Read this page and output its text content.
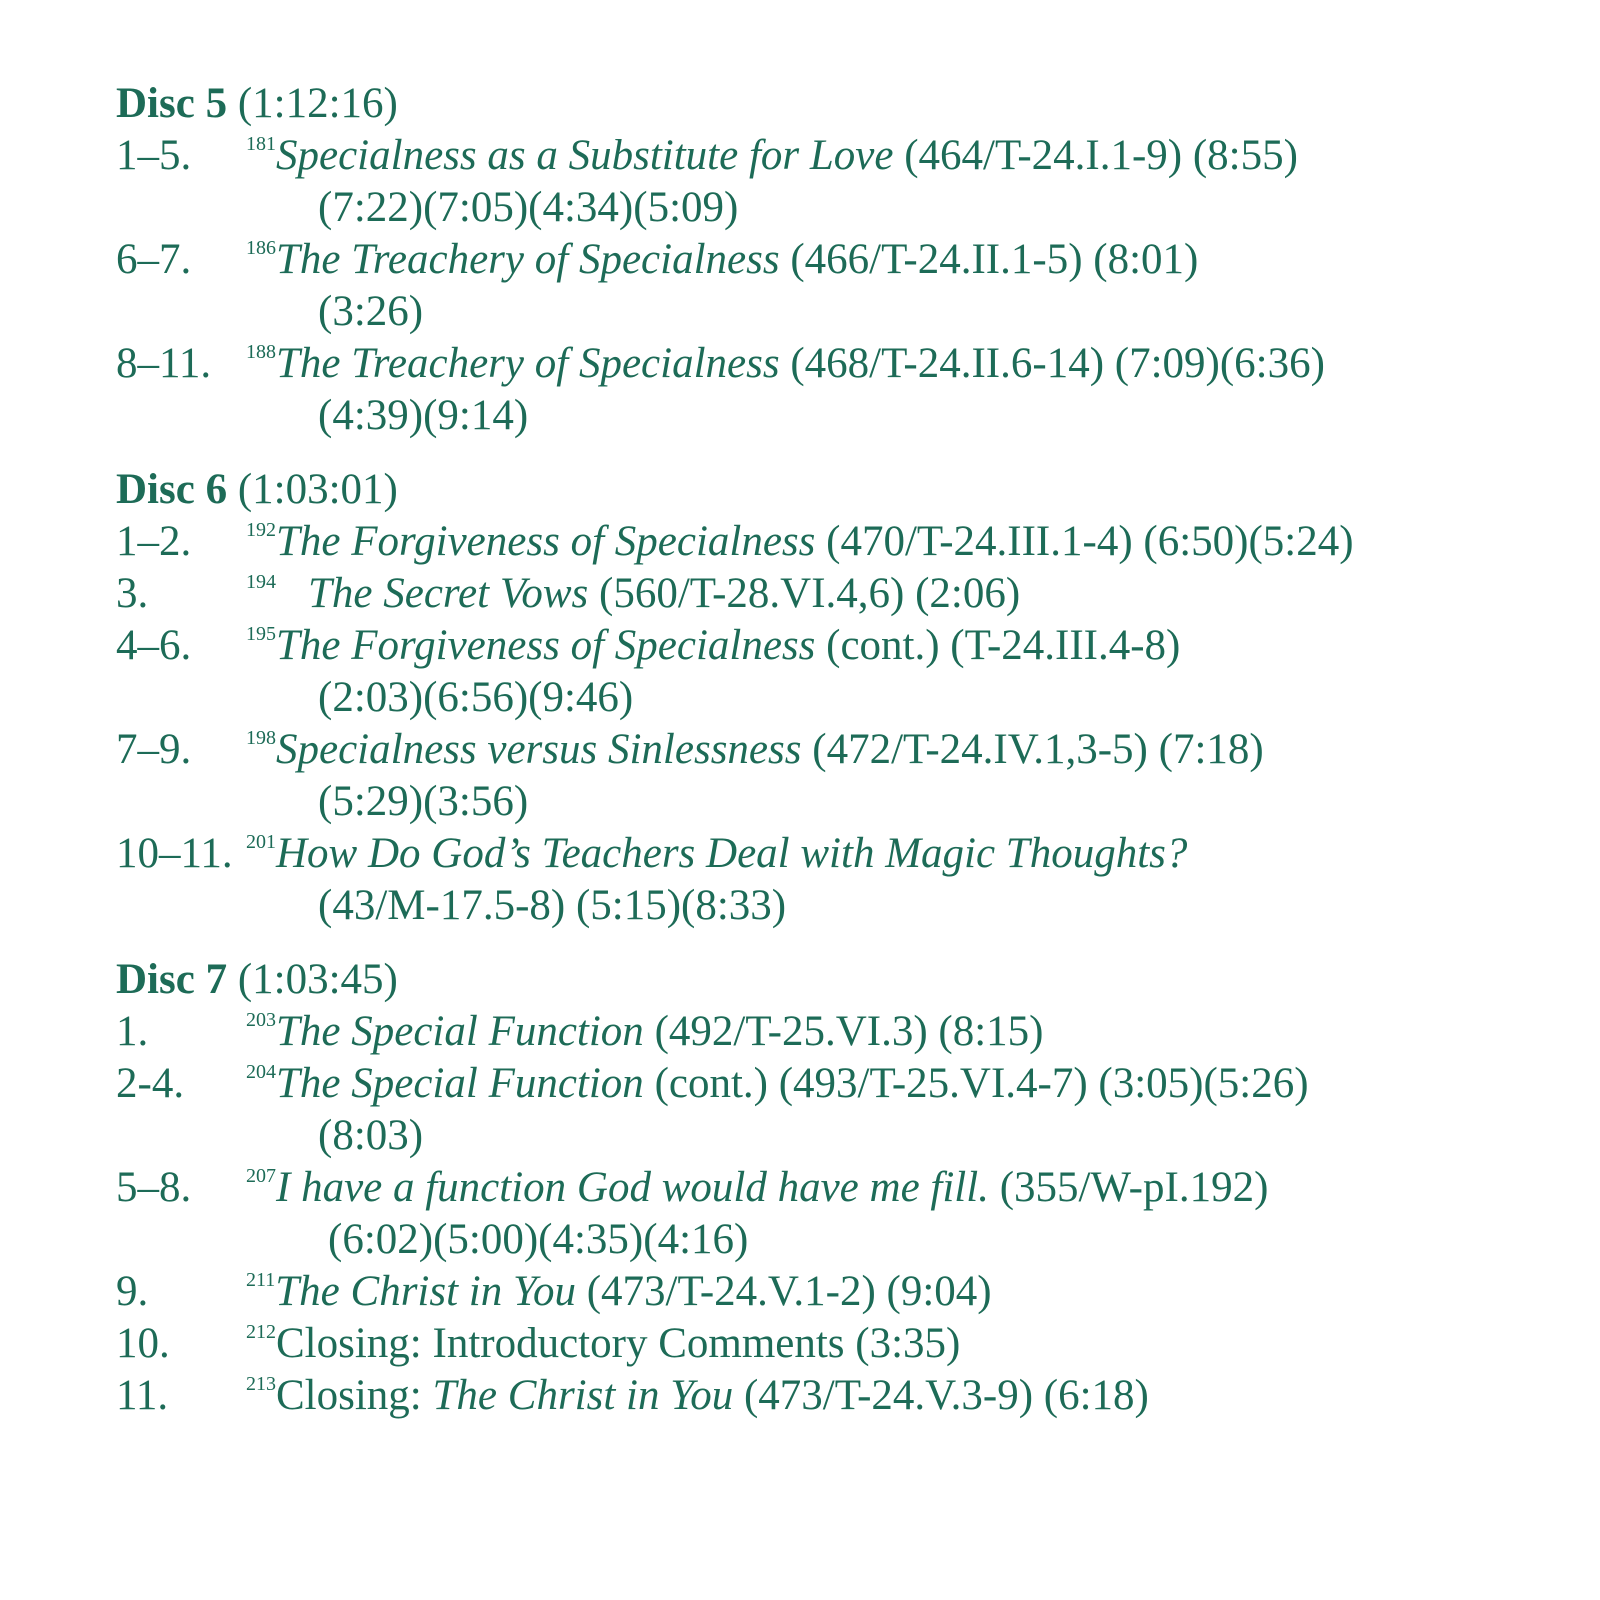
Disc 5 (1:12:16)
1–5.	$^{181}$Specialness as a Substitute for Love (464/T-24.I.1-9) (8:55)
(7:22)(7:05)(4:34)(5:09)
6–7.	$^{186}$The Treachery of Specialness (466/T-24.II.1-5) (8:01)
(3:26)
8–11. $^{188}$The Treachery of Specialness (468/T-24.II.6-14) (7:09)(6:36)
(4:39)(9:14)
Disc 6 (1:03:01)
1–2.	$^{192}$The Forgiveness of Specialness (470/T-24.III.1-4) (6:50)(5:24)
3.	$^{194}$ The Secret Vows (560/T-28.VI.4,6) (2:06)
4–6.	$^{195}$The Forgiveness of Specialness (cont.) (T-24.III.4-8)
(2:03)(6:56)(9:46)
7–9.	$^{198}$Specialness versus Sinlessness (472/T-24.IV.1,3-5) (7:18)
(5:29)(3:56)
10–11. $^{201}$How Do God’s Teachers Deal with Magic Thoughts?
(43/M-17.5-8) (5:15)(8:33)
Disc 7 (1:03:45)
1.	$^{203}$The Special Function (492/T-25.VI.3) (8:15)
2-4.	$^{204}$The Special Function (cont.) (493/T-25.VI.4-7) (3:05)(5:26)
(8:03)
5–8.	$^{207}$I have a function God would have me fill. (355/W-pI.192)
(6:02)(5:00)(4:35)(4:16)
9.	$^{211}$The Christ in You (473/T-24.V.1-2) (9:04)
10.	$^{212}$Closing: Introductory Comments (3:35)
11.	$^{213}$Closing: The Christ in You (473/T-24.V.3-9) (6:18)
